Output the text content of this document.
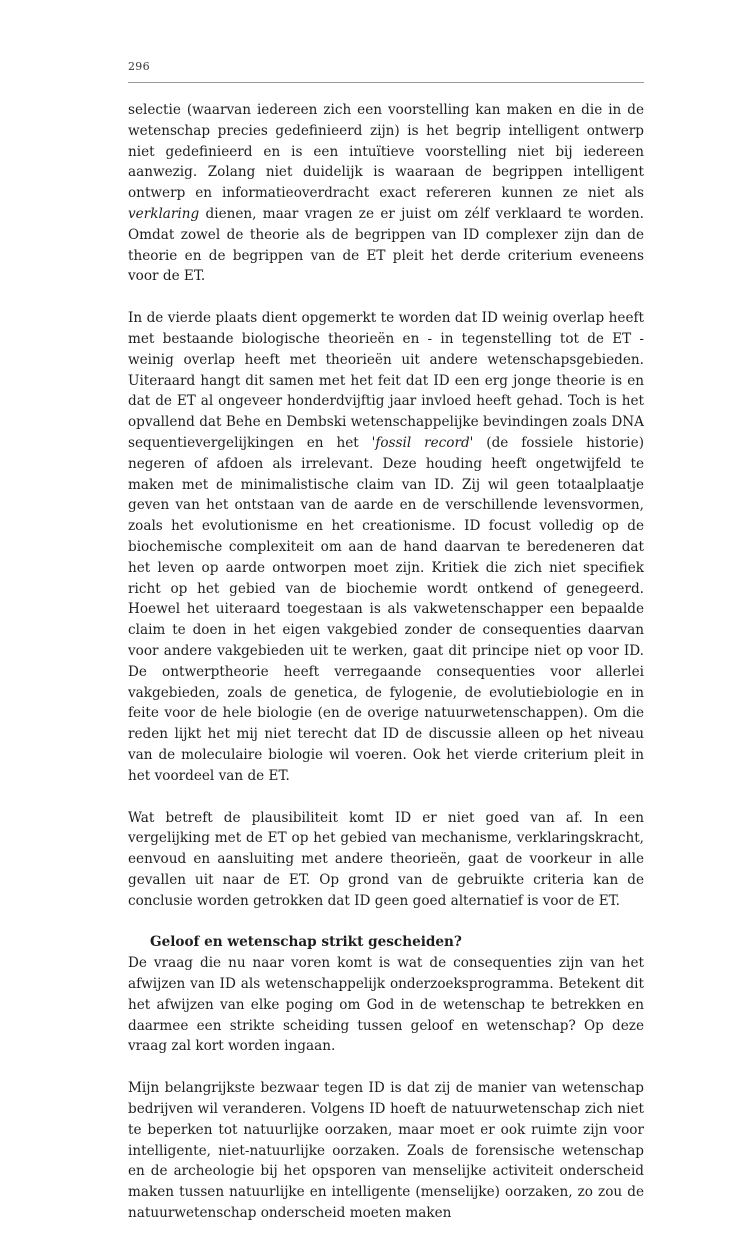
296

selectie (waarvan iedereen zich een voorstelling kan maken en die in de wetenschap precies gedefinieerd zijn) is het begrip intelligent ontwerp niet gedefinieerd en is een intuïtieve voorstelling niet bij iedereen aanwezig. Zolang niet duidelijk is waaraan de begrippen intelligent ontwerp en informatieoverdracht exact refereren kunnen ze niet als verklaring dienen, maar vragen ze er juist om zélf verklaard te worden. Omdat zowel de theorie als de begrippen van ID complexer zijn dan de theorie en de begrippen van de ET pleit het derde criterium eveneens voor de ET.

In de vierde plaats dient opgemerkt te worden dat ID weinig overlap heeft met bestaande biologische theorieën en - in tegenstelling tot de ET - weinig overlap heeft met theorieën uit andere wetenschapsgebieden. Uiteraard hangt dit samen met het feit dat ID een erg jonge theorie is en dat de ET al ongeveer honderdvijftig jaar invloed heeft gehad. Toch is het opvallend dat Behe en Dembski wetenschappelijke bevindingen zoals DNA sequentievergelijkingen en het 'fossil record' (de fossiele historie) negeren of afdoen als irrelevant. Deze houding heeft ongetwijfeld te maken met de minimalistische claim van ID. Zij wil geen totaalplaatje geven van het ontstaan van de aarde en de verschillende levensvormen, zoals het evolutionisme en het creationisme. ID focust volledig op de biochemische complexiteit om aan de hand daarvan te beredeneren dat het leven op aarde ontworpen moet zijn. Kritiek die zich niet specifiek richt op het gebied van de biochemie wordt ontkend of genegeerd. Hoewel het uiteraard toegestaan is als vakwetenschapper een bepaalde claim te doen in het eigen vakgebied zonder de consequenties daarvan voor andere vakgebieden uit te werken, gaat dit principe niet op voor ID. De ontwerptheorie heeft verregaande consequenties voor allerlei vakgebieden, zoals de genetica, de fylogenie, de evolutiebiologie en in feite voor de hele biologie (en de overige natuurwetenschappen). Om die reden lijkt het mij niet terecht dat ID de discussie alleen op het niveau van de moleculaire biologie wil voeren. Ook het vierde criterium pleit in het voordeel van de ET.

Wat betreft de plausibiliteit komt ID er niet goed van af. In een vergelijking met de ET op het gebied van mechanisme, verklaringskracht, eenvoud en aansluiting met andere theorieën, gaat de voorkeur in alle gevallen uit naar de ET. Op grond van de gebruikte criteria kan de conclusie worden getrokken dat ID geen goed alternatief is voor de ET.

Geloof en wetenschap strikt gescheiden?

De vraag die nu naar voren komt is wat de consequenties zijn van het afwijzen van ID als wetenschappelijk onderzoeksprogramma. Betekent dit het afwijzen van elke poging om God in de wetenschap te betrekken en daarmee een strikte scheiding tussen geloof en wetenschap? Op deze vraag zal kort worden ingaan.

Mijn belangrijkste bezwaar tegen ID is dat zij de manier van wetenschap bedrijven wil veranderen. Volgens ID hoeft de natuurwetenschap zich niet te beperken tot natuurlijke oorzaken, maar moet er ook ruimte zijn voor intelligente, niet-natuurlijke oorzaken. Zoals de forensische wetenschap en de archeologie bij het opsporen van menselijke activiteit onderscheid maken tussen natuurlijke en intelligente (menselijke) oorzaken, zo zou de natuurwetenschap onderscheid moeten maken
